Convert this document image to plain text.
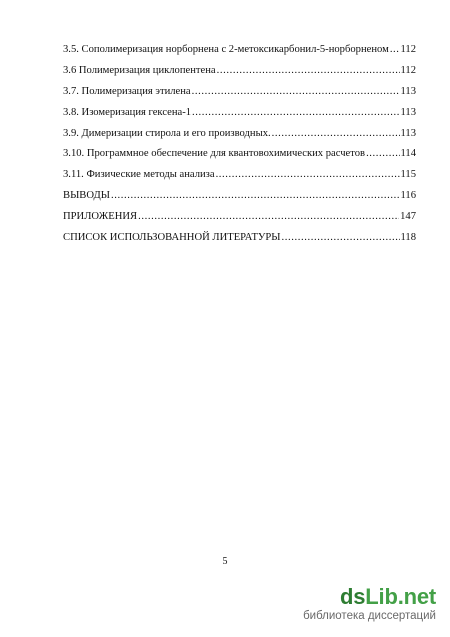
3.5. Сополимеризация норборнена с 2-метоксикарбонил-5-норборненом ..... 112
3.6 Полимеризация циклопентена .....	112
3.7. Полимеризация этилена .....	113
3.8. Изомеризация гексена-1 .....	113
3.9. Димеризации стирола и его производных. .....	113
3.10. Программное обеспечение для квантовохимических расчетов .....	114
3.11. Физические методы анализа .....	115
ВЫВОДЫ .....	116
ПРИЛОЖЕНИЯ .....	147
СПИСОК ИСПОЛЬЗОВАННОЙ ЛИТЕРАТУРЫ .....	118
5
dsLib.net
библиотека диссертаций
